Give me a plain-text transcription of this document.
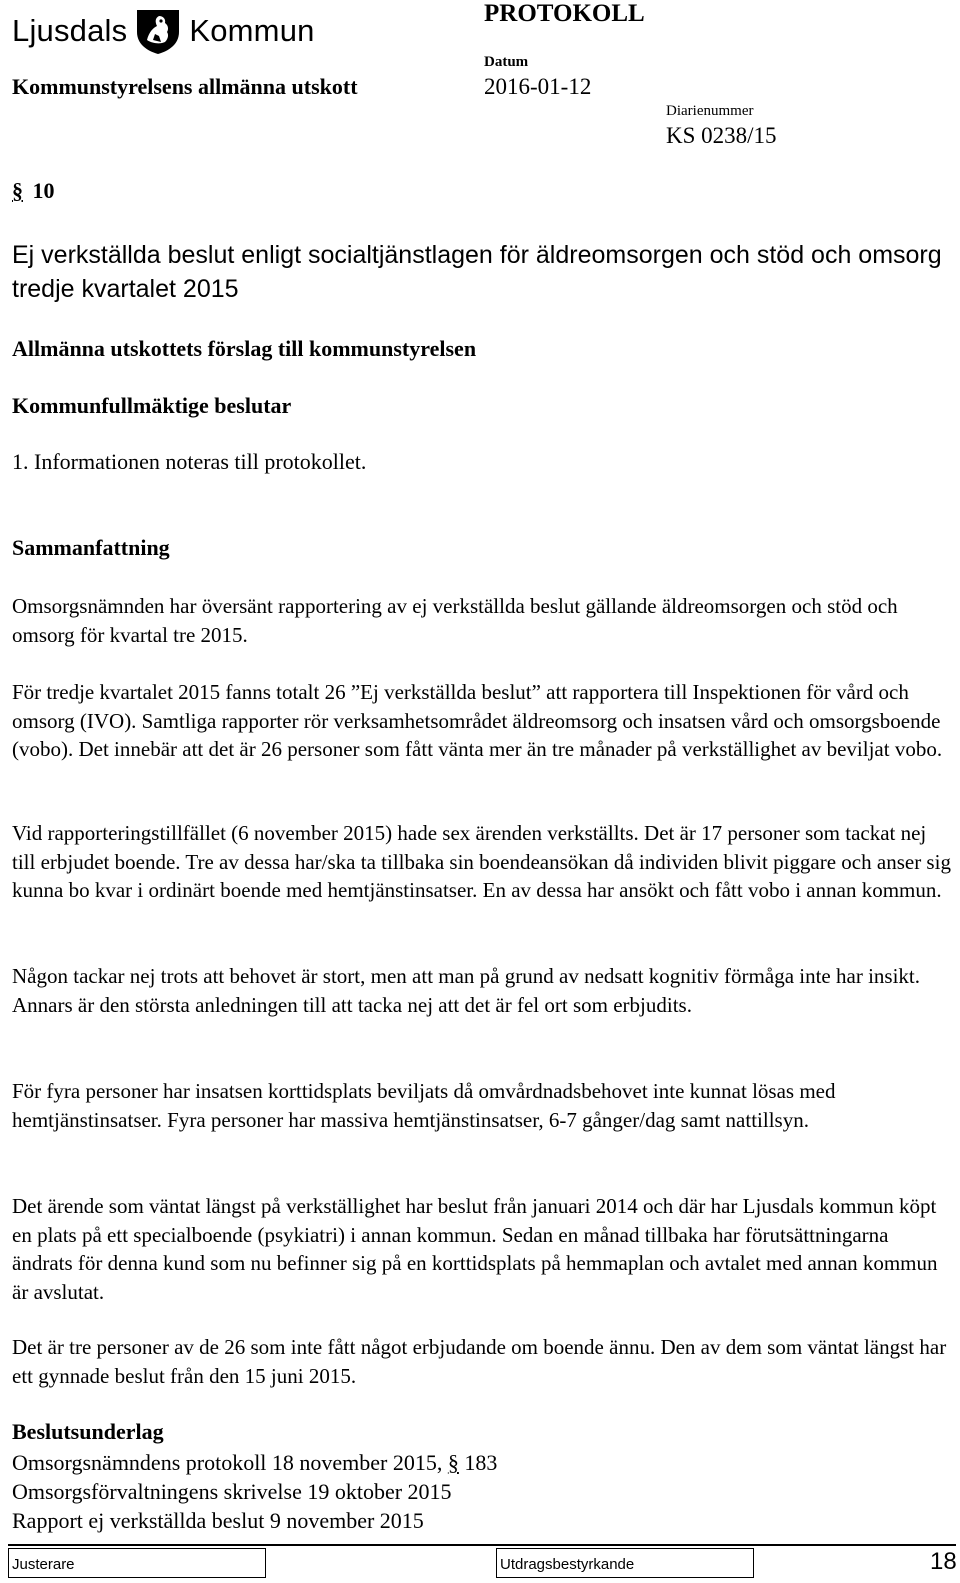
Ljusdals Kommun
Kommunstyrelsens allmänna utskott
PROTOKOLL
Datum
2016-01-12
Diarienummer
KS 0238/15
§ 10
Ej verkställda beslut enligt socialtjänstlagen för äldreomsorgen och stöd och omsorg tredje kvartalet 2015
Allmänna utskottets förslag till kommunstyrelsen
Kommunfullmäktige beslutar
1. Informationen noteras till protokollet.
Sammanfattning
Omsorgsnämnden har översänt rapportering av ej verkställda beslut gällande äldreomsorgen och stöd och omsorg för kvartal tre 2015.
För tredje kvartalet 2015 fanns totalt 26 ”Ej verkställda beslut” att rapportera till Inspektionen för vård och omsorg (IVO). Samtliga rapporter rör verksamhetsområdet äldreomsorg och insatsen vård och omsorgsboende (vobo). Det innebär att det är 26 personer som fått vänta mer än tre månader på verkställighet av beviljat vobo.
Vid rapporteringstillfället (6 november 2015) hade sex ärenden verkställts. Det är 17 personer som tackat nej till erbjudet boende. Tre av dessa har/ska ta tillbaka sin boendeansökan då individen blivit piggare och anser sig kunna bo kvar i ordinärt boende med hemtjänstinsatser. En av dessa har ansökt och fått vobo i annan kommun.
Någon tackar nej trots att behovet är stort, men att man på grund av nedsatt kognitiv förmåga inte har insikt. Annars är den största anledningen till att tacka nej att det är fel ort som erbjudits.
För fyra personer har insatsen korttidsplats beviljats då omvårdnadsbehovet inte kunnat lösas med hemtjänstinsatser. Fyra personer har massiva hemtjänstinsatser, 6-7 gånger/dag samt nattillsyn.
Det ärende som väntat längst på verkställighet har beslut från januari 2014 och där har Ljusdals kommun köpt en plats på ett specialboende (psykiatri) i annan kommun. Sedan en månad tillbaka har förutsättningarna ändrats för denna kund som nu befinner sig på en korttidsplats på hemmaplan och avtalet med annan kommun är avslutat.
Det är tre personer av de 26 som inte fått något erbjudande om boende ännu. Den av dem som väntat längst har ett gynnade beslut från den 15 juni 2015.
Beslutsunderlag
Omsorgsnämndens protokoll 18 november 2015, § 183
Omsorgsförvaltningens skrivelse 19 oktober 2015
Rapport ej verkställda beslut 9 november 2015
Justerare	Utdragsbestyrkande	18
